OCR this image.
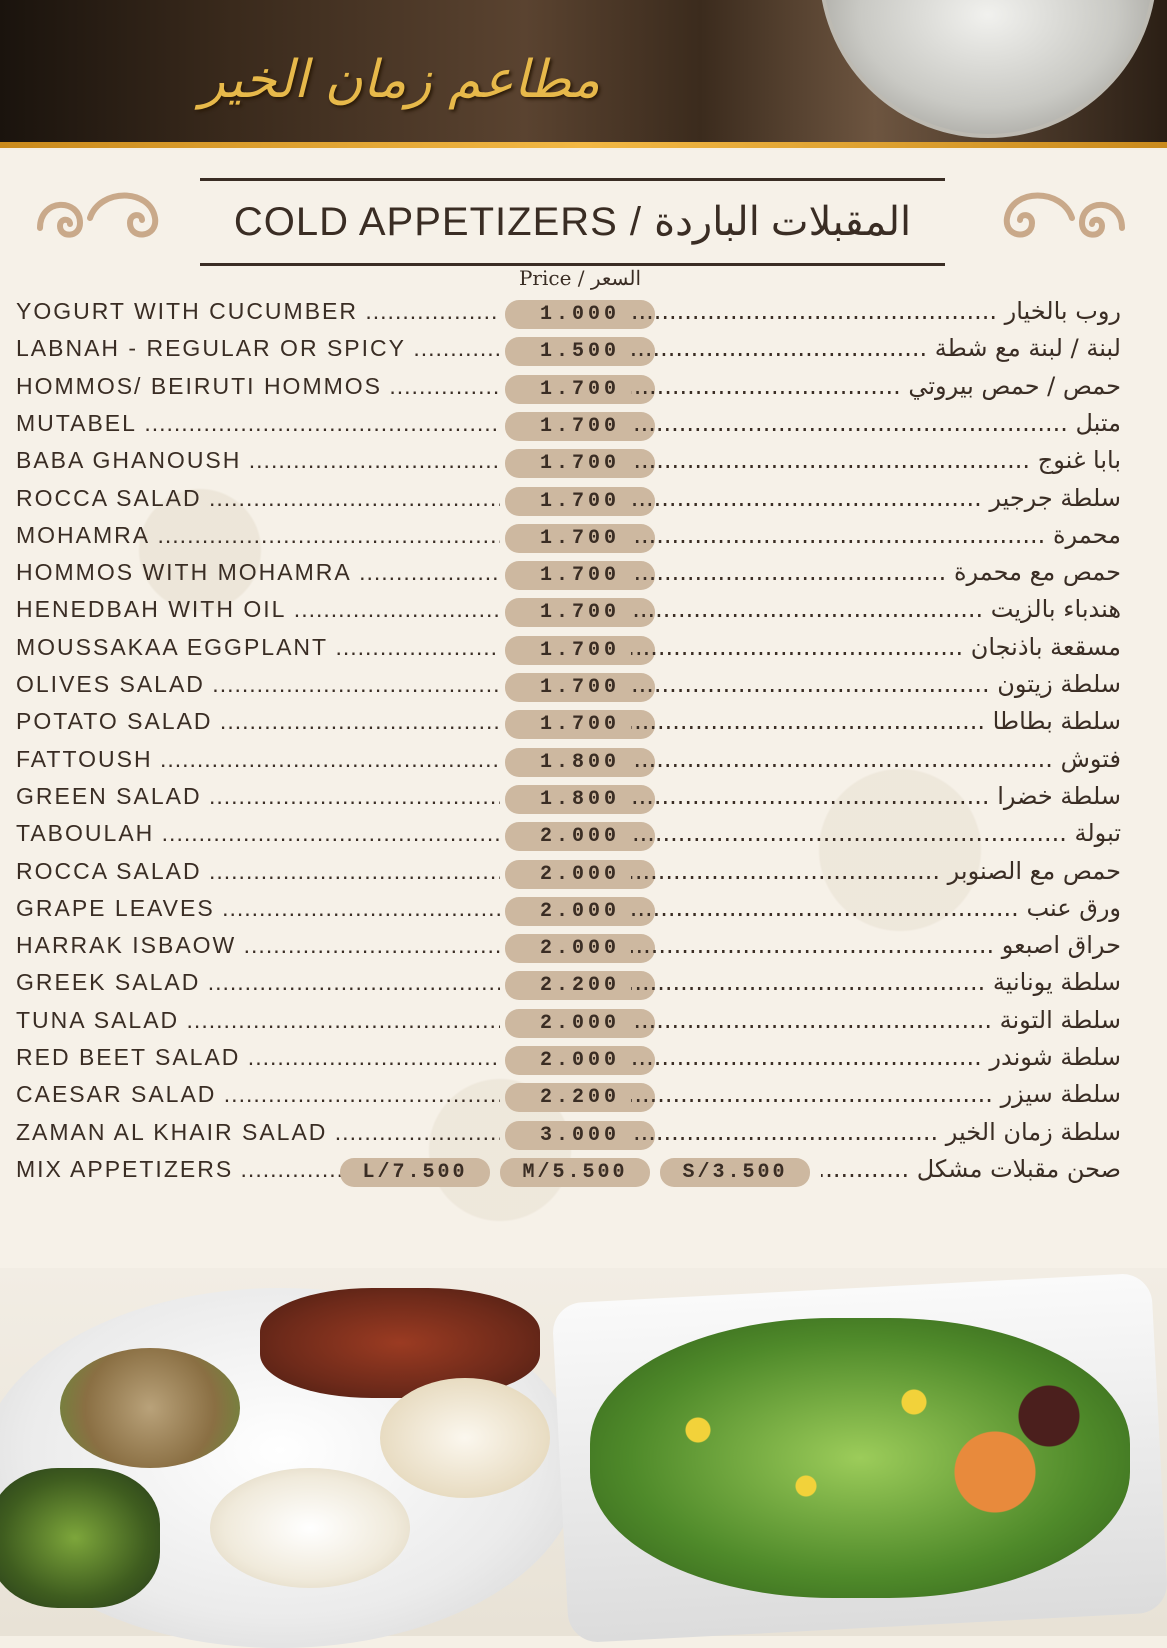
مطاعم زمان الخير
COLD APPETIZERS / المقبلات الباردة
Price / السعر
YOGURT WITH CUCUMBER .....	1.000	روب بالخيار .....
LABNAH - REGULAR OR SPICY .....	1.500	لبنة / لبنة مع شطة .....
HOMMOS/ BEIRUTI HOMMOS .....	1.700	حمص / حمص بيروتي .....
MUTABEL .....	1.700	متبل .....
BABA GHANOUSH .....	1.700	بابا غنوج .....
ROCCA SALAD .....	1.700	سلطة جرجير .....
MOHAMRA .....	1.700	محمرة .....
HOMMOS WITH MOHAMRA .....	1.700	حمص مع محمرة .....
HENEDBAH WITH OIL .....	1.700	هندباء بالزيت .....
MOUSSAKAA EGGPLANT .....	1.700	مسقعة باذنجان .....
OLIVES SALAD .....	1.700	سلطة زيتون .....
POTATO SALAD .....	1.700	سلطة بطاطا .....
FATTOUSH .....	1.800	فتوش .....
GREEN SALAD .....	1.800	سلطة خضرا .....
TABOULAH .....	2.000	تبولة .....
ROCCA SALAD .....	2.000	حمص مع الصنوبر .....
GRAPE LEAVES .....	2.000	ورق عنب .....
HARRAK ISBAOW .....	2.000	حراق اصبعو .....
GREEK SALAD .....	2.200	سلطة يونانية .....
TUNA SALAD .....	2.000	سلطة التونة .....
RED BEET SALAD .....	2.000	سلطة شوندر .....
CAESAR SALAD .....	2.200	سلطة سيزر .....
ZAMAN AL KHAIR SALAD .....	3.000	سلطة زمان الخير .....
MIX APPETIZERS .....	L/7.500	M/5.500	S/3.500	صحن مقبلات مشكل .....
